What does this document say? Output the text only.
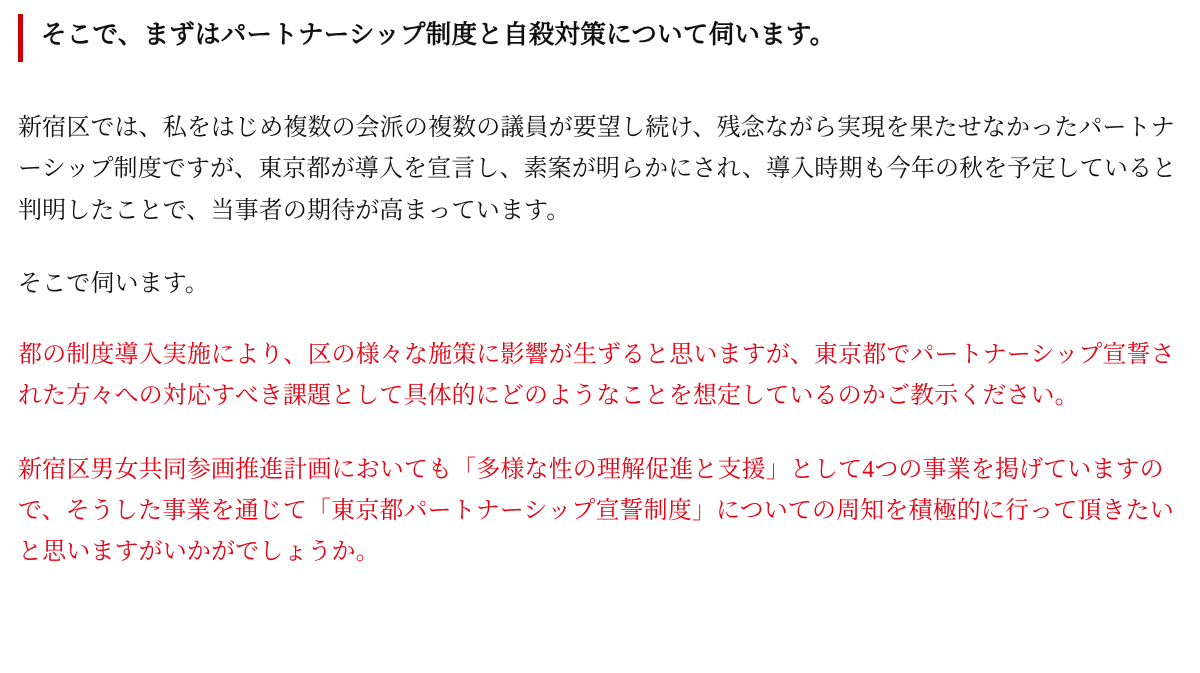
そこで、まずはパートナーシップ制度と自殺対策について伺います。

新宿区では、私をはじめ複数の会派の複数の議員が要望し続け、残念ながら実現を果たせなかったパートナーシップ制度ですが、東京都が導入を宣言し、素案が明らかにされ、導入時期も今年の秋を予定していると判明したことで、当事者の期待が高まっています。

そこで伺います。

都の制度導入実施により、区の様々な施策に影響が生ずると思いますが、東京都でパートナーシップ宣誓された方々への対応すべき課題として具体的にどのようなことを想定しているのかご教示ください。

新宿区男女共同参画推進計画においても「多様な性の理解促進と支援」として4つの事業を掲げていますので、そうした事業を通じて「東京都パートナーシップ宣誓制度」についての周知を積極的に行って頂きたいと思いますがいかがでしょうか。
